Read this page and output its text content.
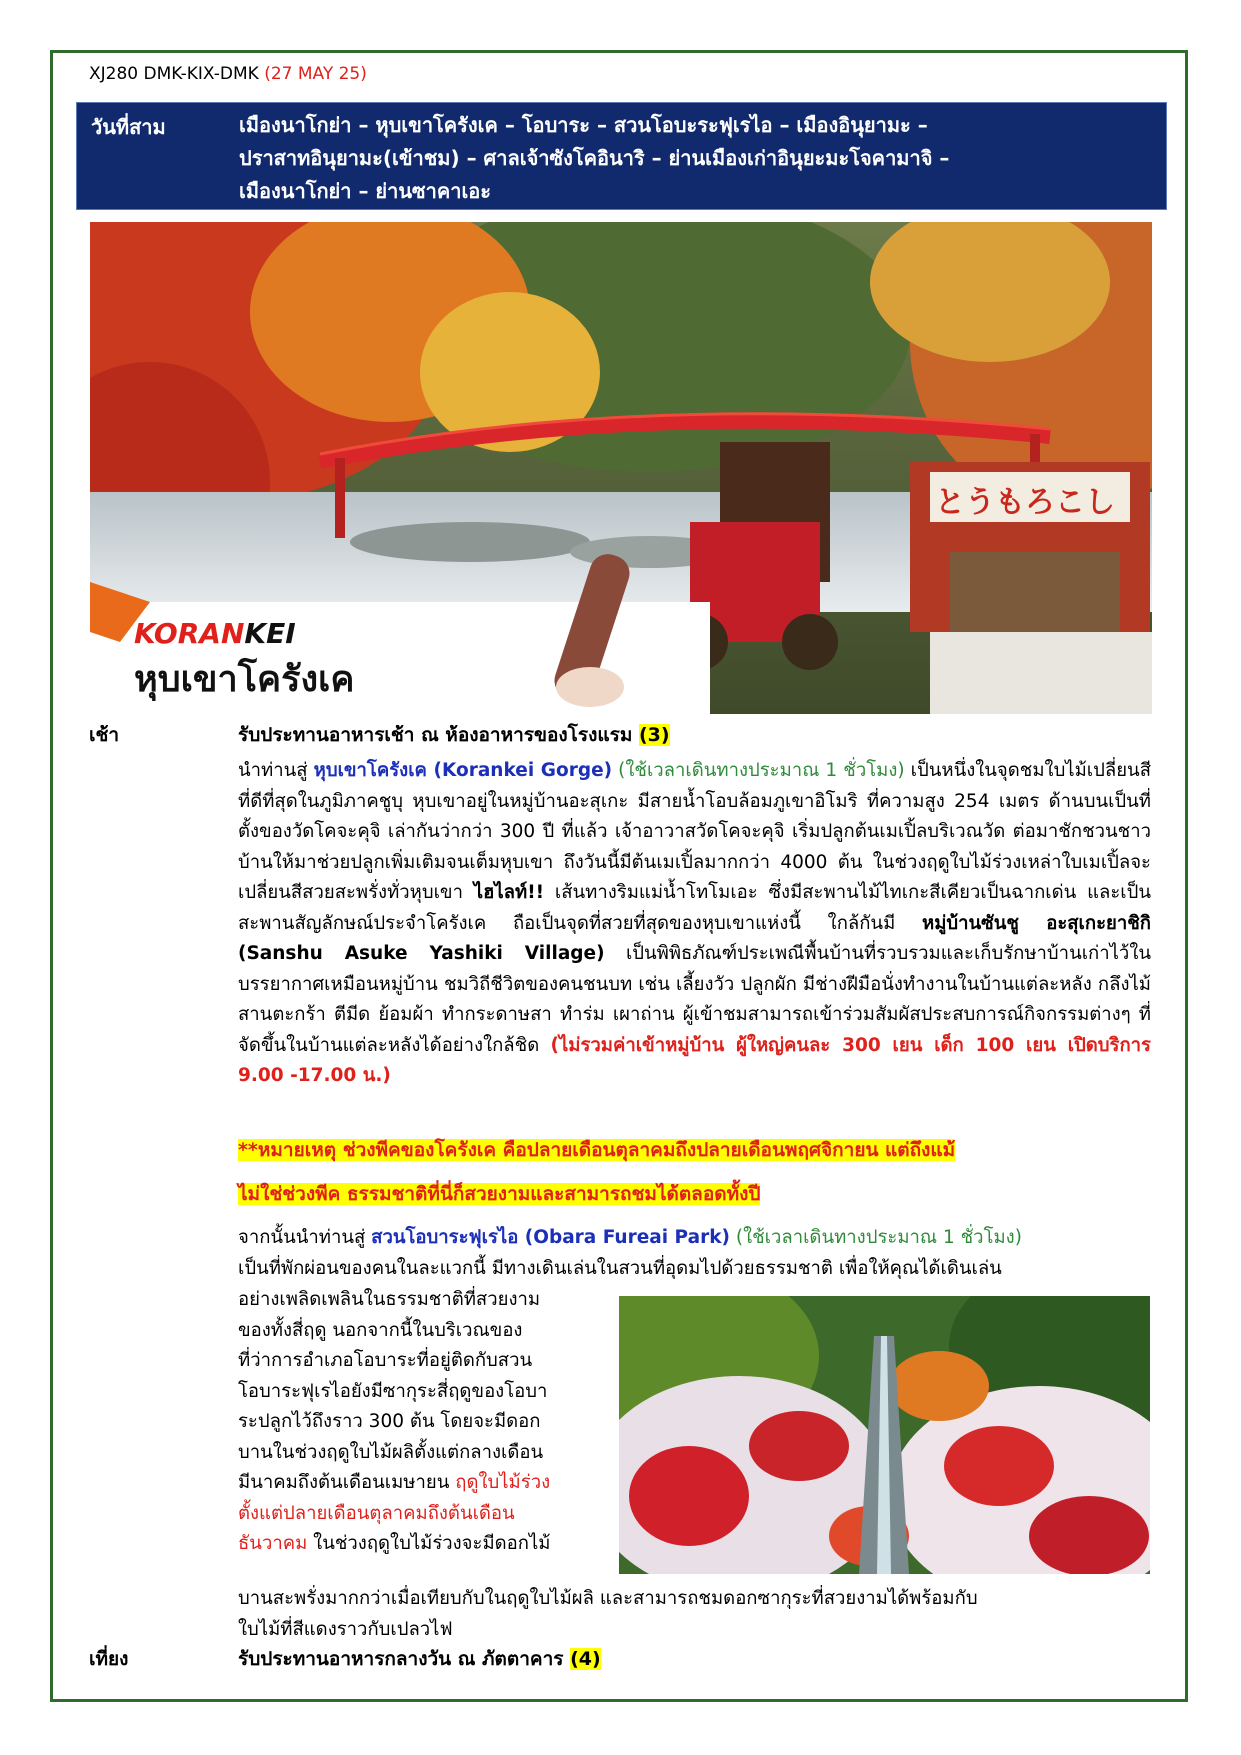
XJ280 DMK-KIX-DMK (27 MAY 25)
วันที่สาม	เมืองนาโกย่า – หุบเขาโครังเค – โอบาระ – สวนโอบะระฟุเรไอ – เมืองอินุยามะ –
ปราสาทอินุยามะ(เข้าชม) – ศาลเจ้าซังโคอินาริ – ย่านเมืองเก่าอินุยะมะโจคามาจิ –
เมืองนาโกย่า – ย่านซาคาเอะ
とうもろこし
KORANKEI
หุบเขาโครังเค
เช้า	รับประทานอาหารเช้า ณ ห้องอาหารของโรงแรม (3)
นำท่านสู่ หุบเขาโครังเค (Korankei Gorge) (ใช้เวลาเดินทางประมาณ 1 ชั่วโมง) เป็นหนึ่งในจุดชมใบไม้เปลี่ยนสีที่ดีที่สุดในภูมิภาคชูบุ หุบเขาอยู่ในหมู่บ้านอะสุเกะ มีสายน้ำโอบล้อมภูเขาอิโมริ ที่ความสูง 254 เมตร ด้านบนเป็นที่ตั้งของวัดโคจะคุจิ เล่ากันว่ากว่า 300 ปี ที่แล้ว เจ้าอาวาสวัดโคจะคุจิ เริ่มปลูกต้นเมเปิ้ลบริเวณวัด ต่อมาชักชวนชาวบ้านให้มาช่วยปลูกเพิ่มเติมจนเต็มหุบเขา ถึงวันนี้มีต้นเมเปิ้ลมากกว่า 4000 ต้น ในช่วงฤดูใบไม้ร่วงเหล่าใบเมเปิ้ลจะเปลี่ยนสีสวยสะพรั่งทั่วหุบเขา ไฮไลท์!! เส้นทางริมแม่น้ำโทโมเอะ ซึ่งมีสะพานไม้ไทเกะสีเคียวเป็นฉากเด่น และเป็นสะพานสัญลักษณ์ประจำโครังเค ถือเป็นจุดที่สวยที่สุดของหุบเขาแห่งนี้ ใกล้กันมี หมู่บ้านซันชู อะสุเกะยาชิกิ (Sanshu Asuke Yashiki Village) เป็นพิพิธภัณฑ์ประเพณีพื้นบ้านที่รวบรวมและเก็บรักษาบ้านเก่าไว้ในบรรยากาศเหมือนหมู่บ้าน ชมวิถีชีวิตของคนชนบท เช่น เลี้ยงวัว ปลูกผัก มีช่างฝีมือนั่งทำงานในบ้านแต่ละหลัง กลึงไม้ สานตะกร้า ตีมีด ย้อมผ้า ทำกระดาษสา ทำร่ม เผาถ่าน ผู้เข้าชมสามารถเข้าร่วมสัมผัสประสบการณ์กิจกรรมต่างๆ ที่จัดขึ้นในบ้านแต่ละหลังได้อย่างใกล้ชิด (ไม่รวมค่าเข้าหมู่บ้าน ผู้ใหญ่คนละ 300 เยน เด็ก 100 เยน เปิดบริการ 9.00 -17.00 น.)
**หมายเหตุ ช่วงพีคของโครังเค คือปลายเดือนตุลาคมถึงปลายเดือนพฤศจิกายน แต่ถึงแม้
ไม่ใช่ช่วงพีค ธรรมชาติที่นี่ก็สวยงามและสามารถชมได้ตลอดทั้งปี
จากนั้นนำท่านสู่ สวนโอบาระฟุเรไอ (Obara Fureai Park) (ใช้เวลาเดินทางประมาณ 1 ชั่วโมง)
เป็นที่พักผ่อนของคนในละแวกนี้ มีทางเดินเล่นในสวนที่อุดมไปด้วยธรรมชาติ เพื่อให้คุณได้เดินเล่น
อย่างเพลิดเพลินในธรรมชาติที่สวยงาม
ของทั้งสี่ฤดู นอกจากนี้ในบริเวณของ
ที่ว่าการอำเภอโอบาระที่อยู่ติดกับสวน
โอบาระฟุเรไอยังมีซากุระสี่ฤดูของโอบา
ระปลูกไว้ถึงราว 300 ต้น โดยจะมีดอก
บานในช่วงฤดูใบไม้ผลิตั้งแต่กลางเดือน
มีนาคมถึงต้นเดือนเมษายน ฤดูใบไม้ร่วง
ตั้งแต่ปลายเดือนตุลาคมถึงต้นเดือน
ธันวาคม ในช่วงฤดูใบไม้ร่วงจะมีดอกไม้
บานสะพรั่งมากกว่าเมื่อเทียบกับในฤดูใบไม้ผลิ และสามารถชมดอกซากุระที่สวยงามได้พร้อมกับ
ใบไม้ที่สีแดงราวกับเปลวไฟ
เที่ยง	รับประทานอาหารกลางวัน ณ ภัตตาคาร (4)
